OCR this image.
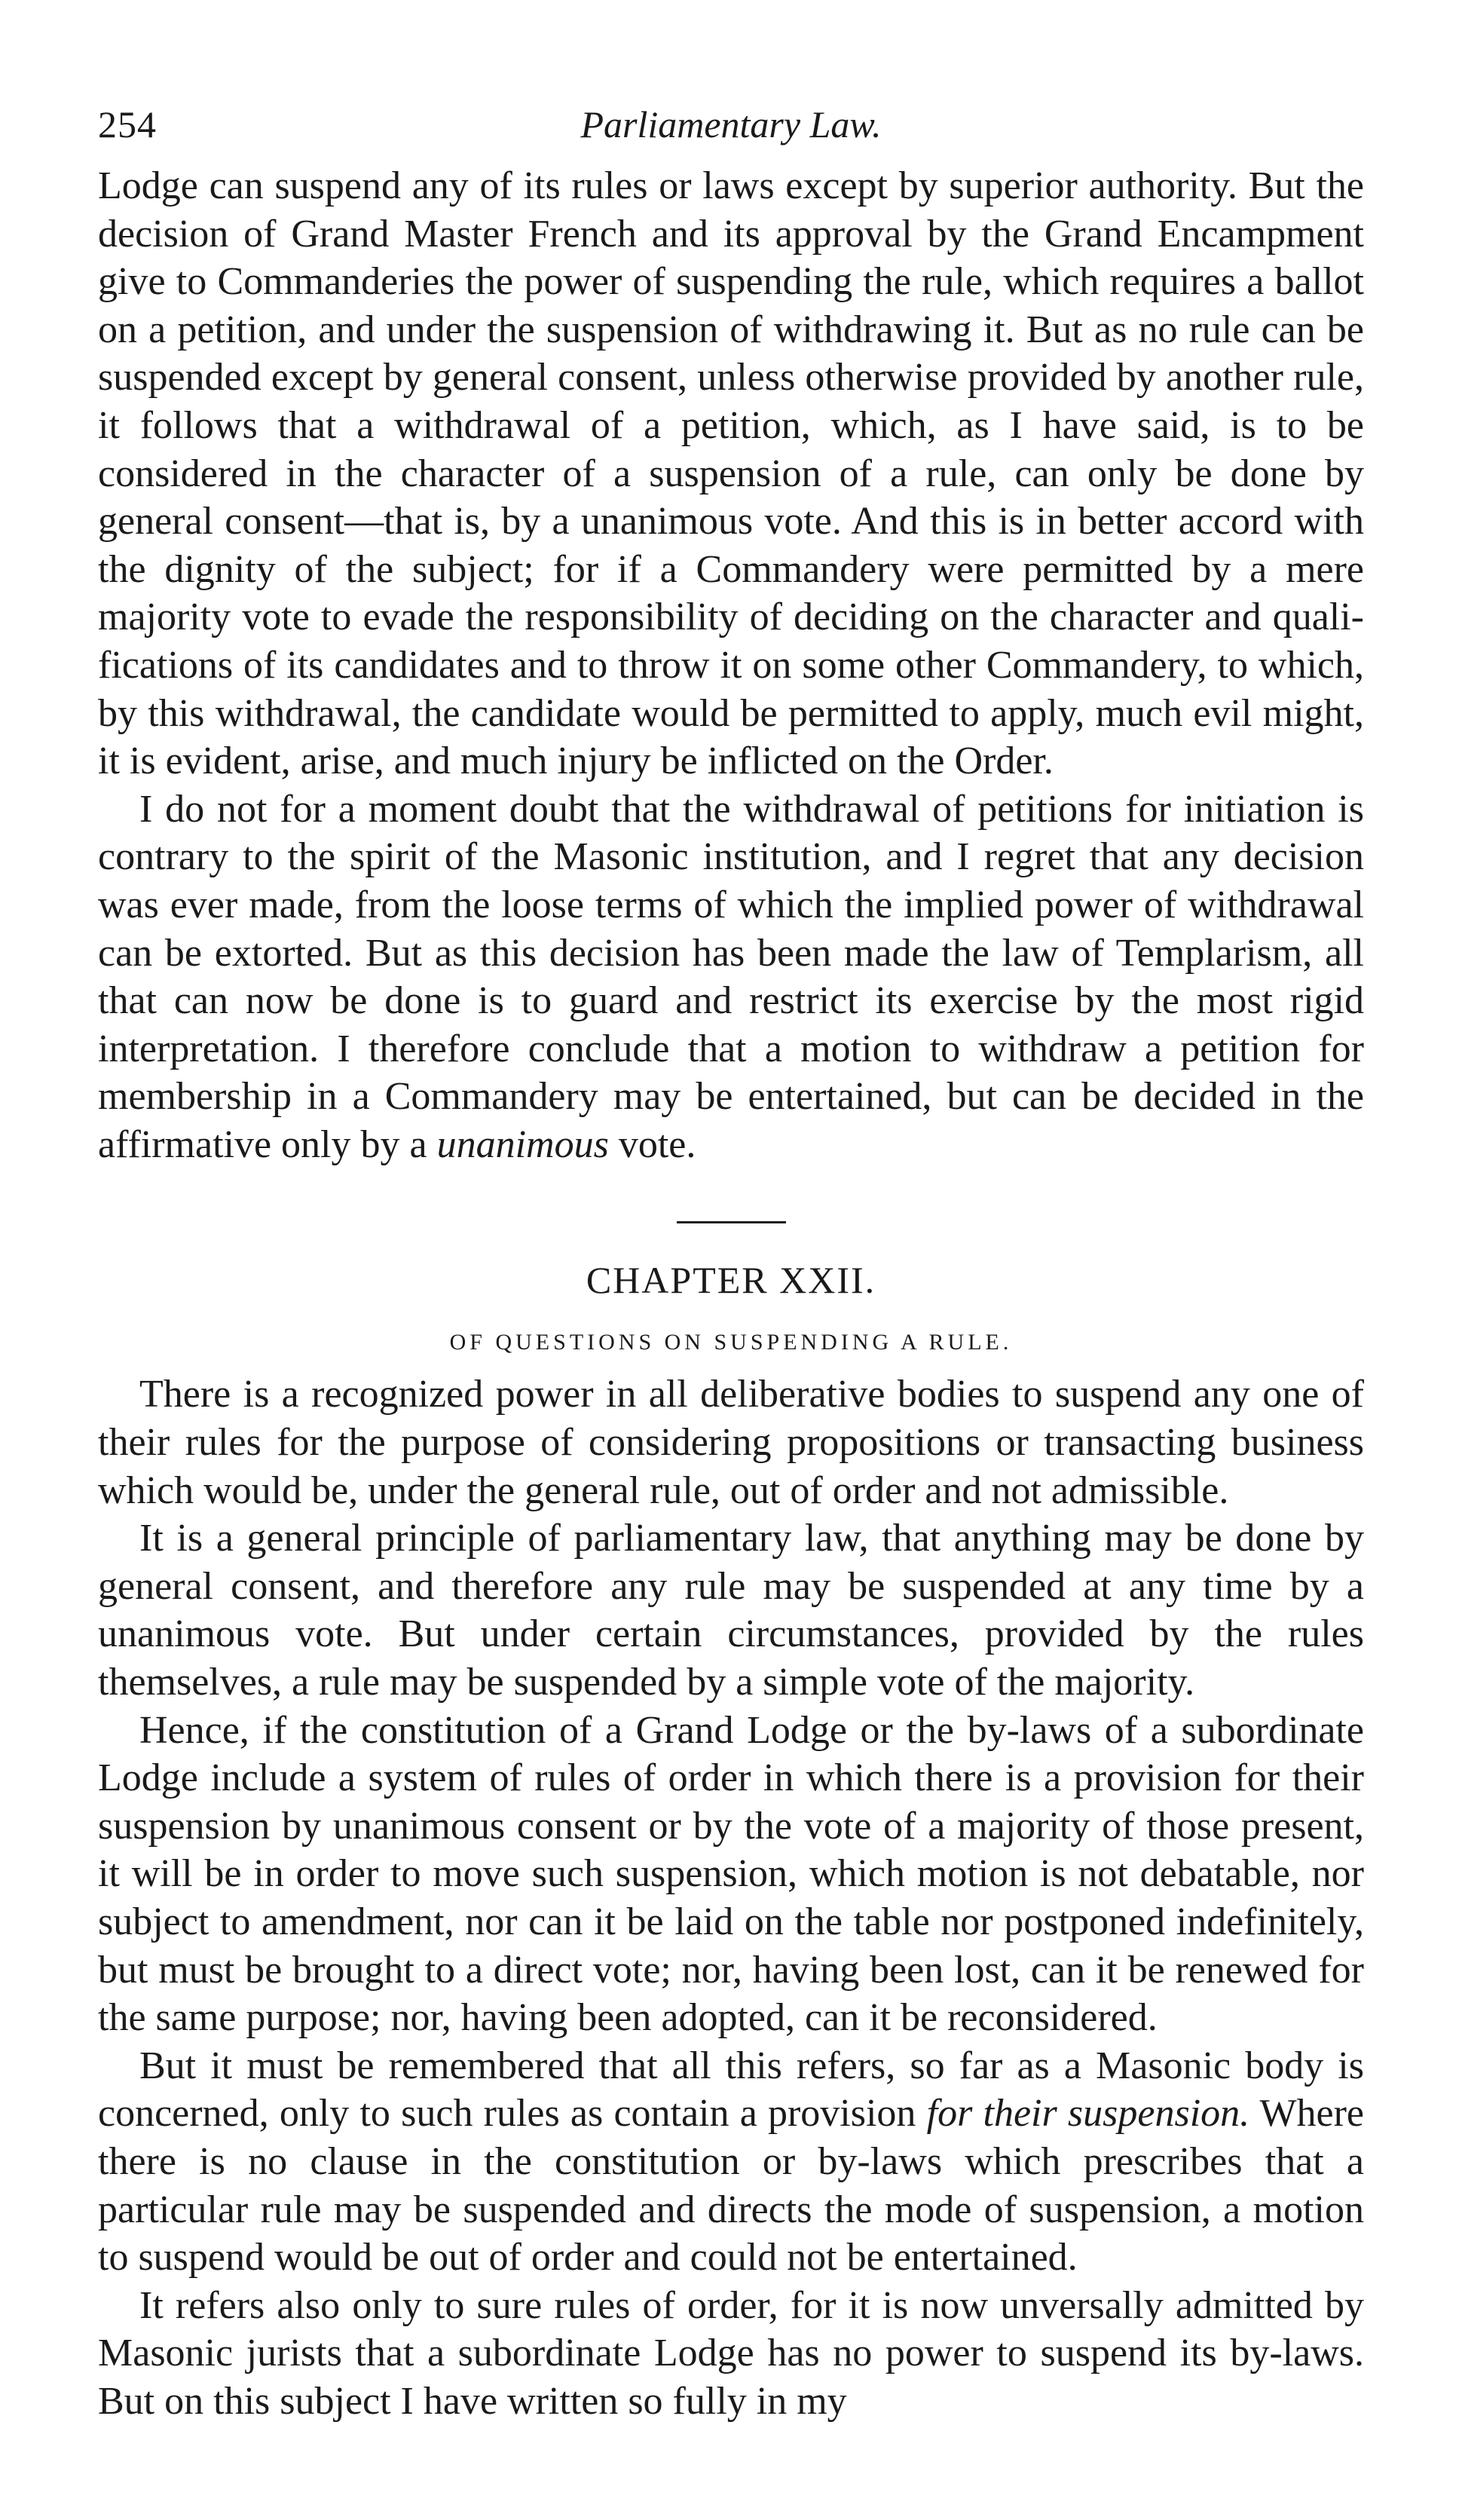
254	Parliamentary Law.

Lodge can suspend any of its rules or laws except by superior authority. But the decision of Grand Master French and its approval by the Grand Encampment give to Commanderies the power of suspending the rule, which requires a ballot on a petition, and under the suspension of withdrawing it. But as no rule can be suspended except by general consent, unless otherwise provided by another rule, it follows that a withdrawal of a petition, which, as I have said, is to be considered in the character of a suspension of a rule, can only be done by general consent—that is, by a unanimous vote. And this is in better accord with the dignity of the subject; for if a Commandery were permitted by a mere majority vote to evade the responsibility of deciding on the character and qualifications of its candidates and to throw it on some other Commandery, to which, by this withdrawal, the candidate would be permitted to apply, much evil might, it is evident, arise, and much injury be inflicted on the Order.

I do not for a moment doubt that the withdrawal of petitions for initiation is contrary to the spirit of the Masonic institution, and I regret that any decision was ever made, from the loose terms of which the implied power of withdrawal can be extorted. But as this decision has been made the law of Templarism, all that can now be done is to guard and restrict its exercise by the most rigid interpretation. I therefore conclude that a motion to withdraw a petition for membership in a Commandery may be entertained, but can be decided in the affirmative only by a unanimous vote.

CHAPTER XXII.
OF QUESTIONS ON SUSPENDING A RULE.

There is a recognized power in all deliberative bodies to suspend any one of their rules for the purpose of considering propositions or transacting business which would be, under the general rule, out of order and not admissible.

It is a general principle of parliamentary law, that anything may be done by general consent, and therefore any rule may be suspended at any time by a unanimous vote. But under certain circumstances, provided by the rules themselves, a rule may be suspended by a simple vote of the majority.

Hence, if the constitution of a Grand Lodge or the by-laws of a subordinate Lodge include a system of rules of order in which there is a provision for their suspension by unanimous consent or by the vote of a majority of those present, it will be in order to move such suspension, which motion is not debatable, nor subject to amendment, nor can it be laid on the table nor postponed indefinitely, but must be brought to a direct vote; nor, having been lost, can it be renewed for the same purpose; nor, having been adopted, can it be reconsidered.

But it must be remembered that all this refers, so far as a Masonic body is concerned, only to such rules as contain a provision for their suspension. Where there is no clause in the constitution or by-laws which prescribes that a particular rule may be suspended and directs the mode of suspension, a motion to suspend would be out of order and could not be entertained.

It refers also only to sure rules of order, for it is now unversally admitted by Masonic jurists that a subordinate Lodge has no power to suspend its by-laws. But on this subject I have written so fully in my
